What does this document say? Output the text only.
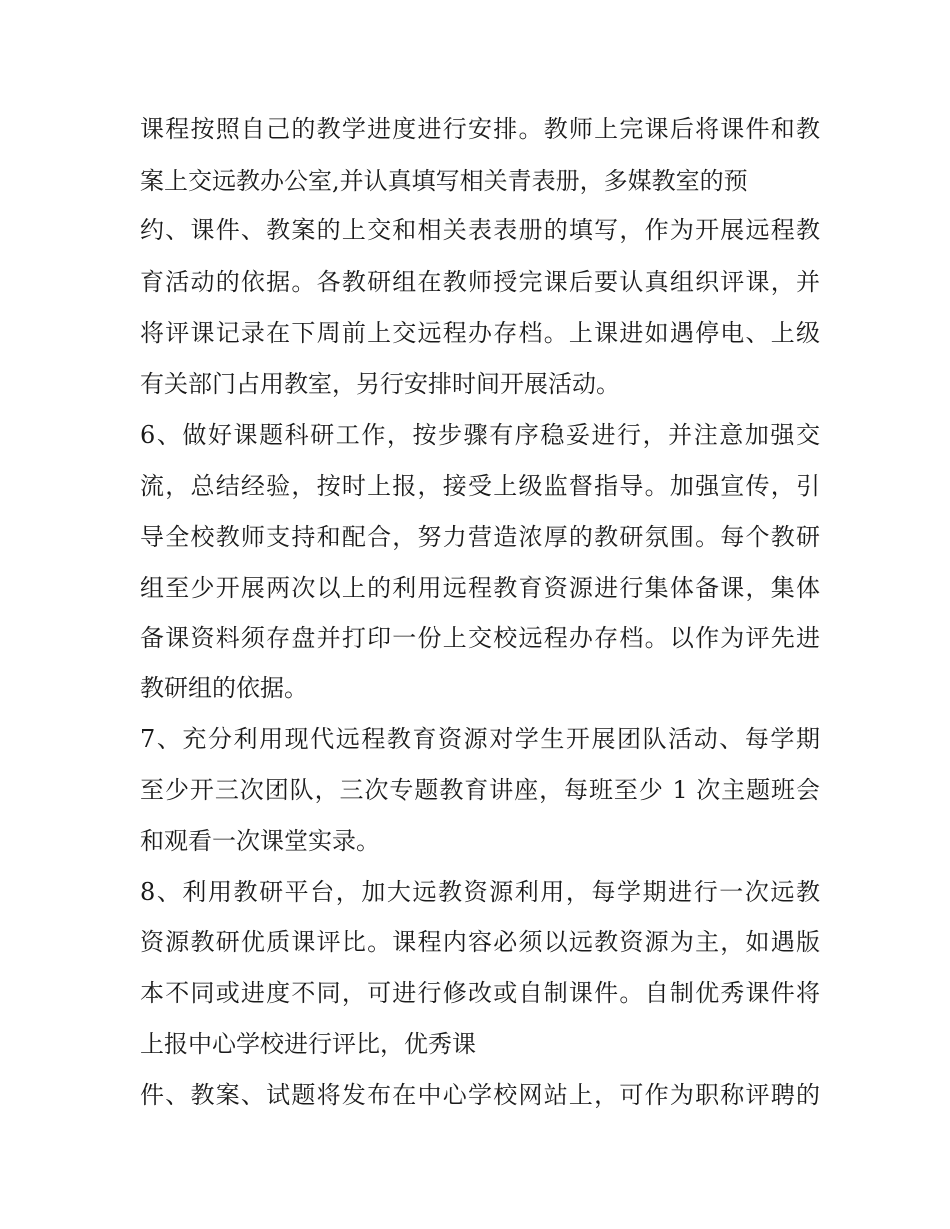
课程按照自己的教学进度进行安排。教师上完课后将课件和教
案上交远教办公室,并认真填写相关青表册，多媒教室的预
约、课件、教案的上交和相关表表册的填写，作为开展远程教
育活动的依据。各教研组在教师授完课后要认真组织评课，并
将评课记录在下周前上交远程办存档。上课进如遇停电、上级
有关部门占用教室，另行安排时间开展活动。
6、做好课题科研工作，按步骤有序稳妥进行，并注意加强交
流，总结经验，按时上报，接受上级监督指导。加强宣传，引
导全校教师支持和配合，努力营造浓厚的教研氛围。每个教研
组至少开展两次以上的利用远程教育资源进行集体备课，集体
备课资料须存盘并打印一份上交校远程办存档。以作为评先进
教研组的依据。
7、充分利用现代远程教育资源对学生开展团队活动、每学期
至少开三次团队，三次专题教育讲座，每班至少 1 次主题班会
和观看一次课堂实录。
8、利用教研平台，加大远教资源利用，每学期进行一次远教
资源教研优质课评比。课程内容必须以远教资源为主，如遇版
本不同或进度不同，可进行修改或自制课件。自制优秀课件将
上报中心学校进行评比，优秀课
件、教案、试题将发布在中心学校网站上，可作为职称评聘的
